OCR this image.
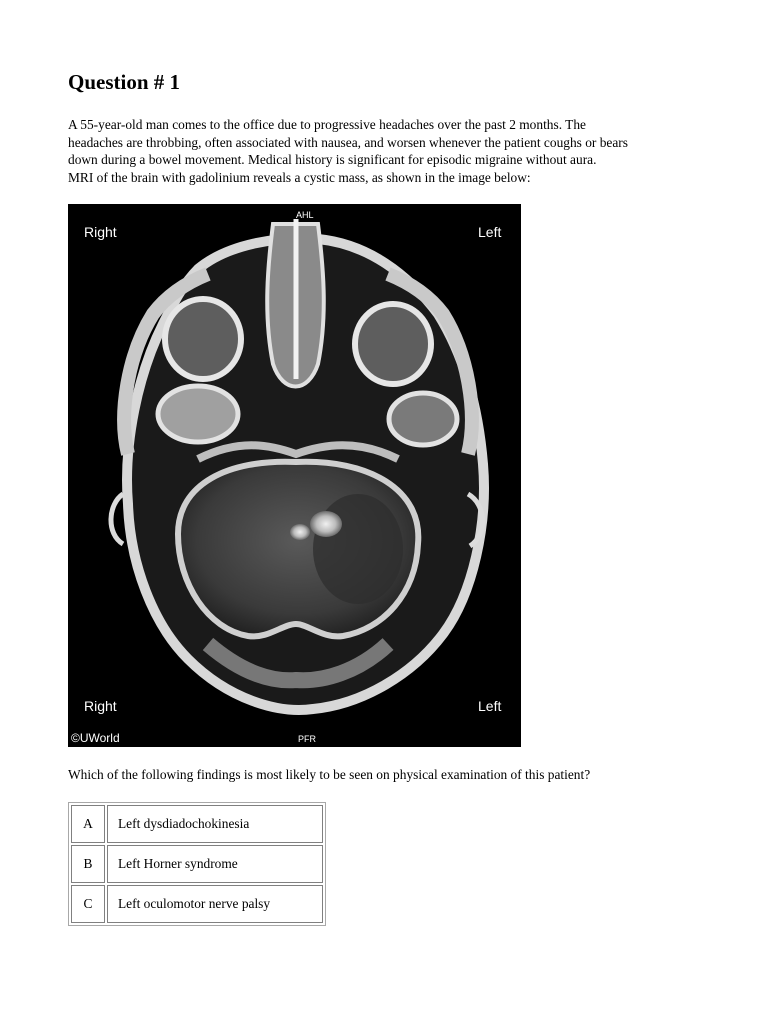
Question # 1

A 55-year-old man comes to the office due to progressive headaches over the past 2 months. The

headaches are throbbing, often associated with nausea, and worsen whenever the patient coughs or bears

down during a bowel movement. Medical history is significant for episodic migraine without aura.

MRI of the brain with gadolinium reveals a cystic mass, as shown in the image below:

AHL
Right	Left
Right	Left
PFR
©UWorld
Which of the following findings is most likely to be seen on physical examination of this patient?
A	Left dysdiadochokinesia
B	Left Horner syndrome
C	Left oculomotor nerve palsy
